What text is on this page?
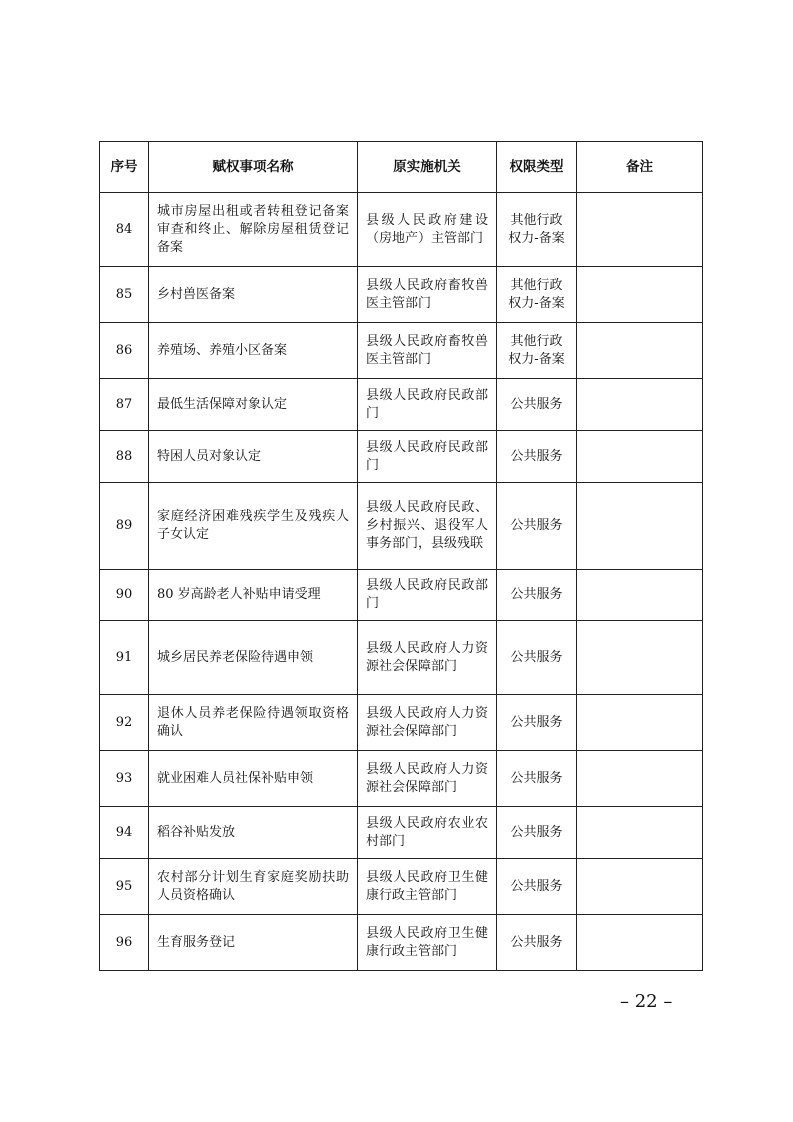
序号	赋权事项名称	原实施机关	权限类型	备注
84	城市房屋出租或者转租登记备案审查和终止、解除房屋租赁登记备案	县级人民政府建设（房地产）主管部门	其他行政权力-备案	
85	乡村兽医备案	县级人民政府畜牧兽医主管部门	其他行政权力-备案	
86	养殖场、养殖小区备案	县级人民政府畜牧兽医主管部门	其他行政权力-备案	
87	最低生活保障对象认定	县级人民政府民政部门	公共服务	
88	特困人员对象认定	县级人民政府民政部门	公共服务	
89	家庭经济困难残疾学生及残疾人子女认定	县级人民政府民政、乡村振兴、退役军人事务部门，县级残联	公共服务	
90	80 岁高龄老人补贴申请受理	县级人民政府民政部门	公共服务	
91	城乡居民养老保险待遇申领	县级人民政府人力资源社会保障部门	公共服务	
92	退休人员养老保险待遇领取资格确认	县级人民政府人力资源社会保障部门	公共服务	
93	就业困难人员社保补贴申领	县级人民政府人力资源社会保障部门	公共服务	
94	稻谷补贴发放	县级人民政府农业农村部门	公共服务	
95	农村部分计划生育家庭奖励扶助人员资格确认	县级人民政府卫生健康行政主管部门	公共服务	
96	生育服务登记	县级人民政府卫生健康行政主管部门	公共服务	
– 22 –
